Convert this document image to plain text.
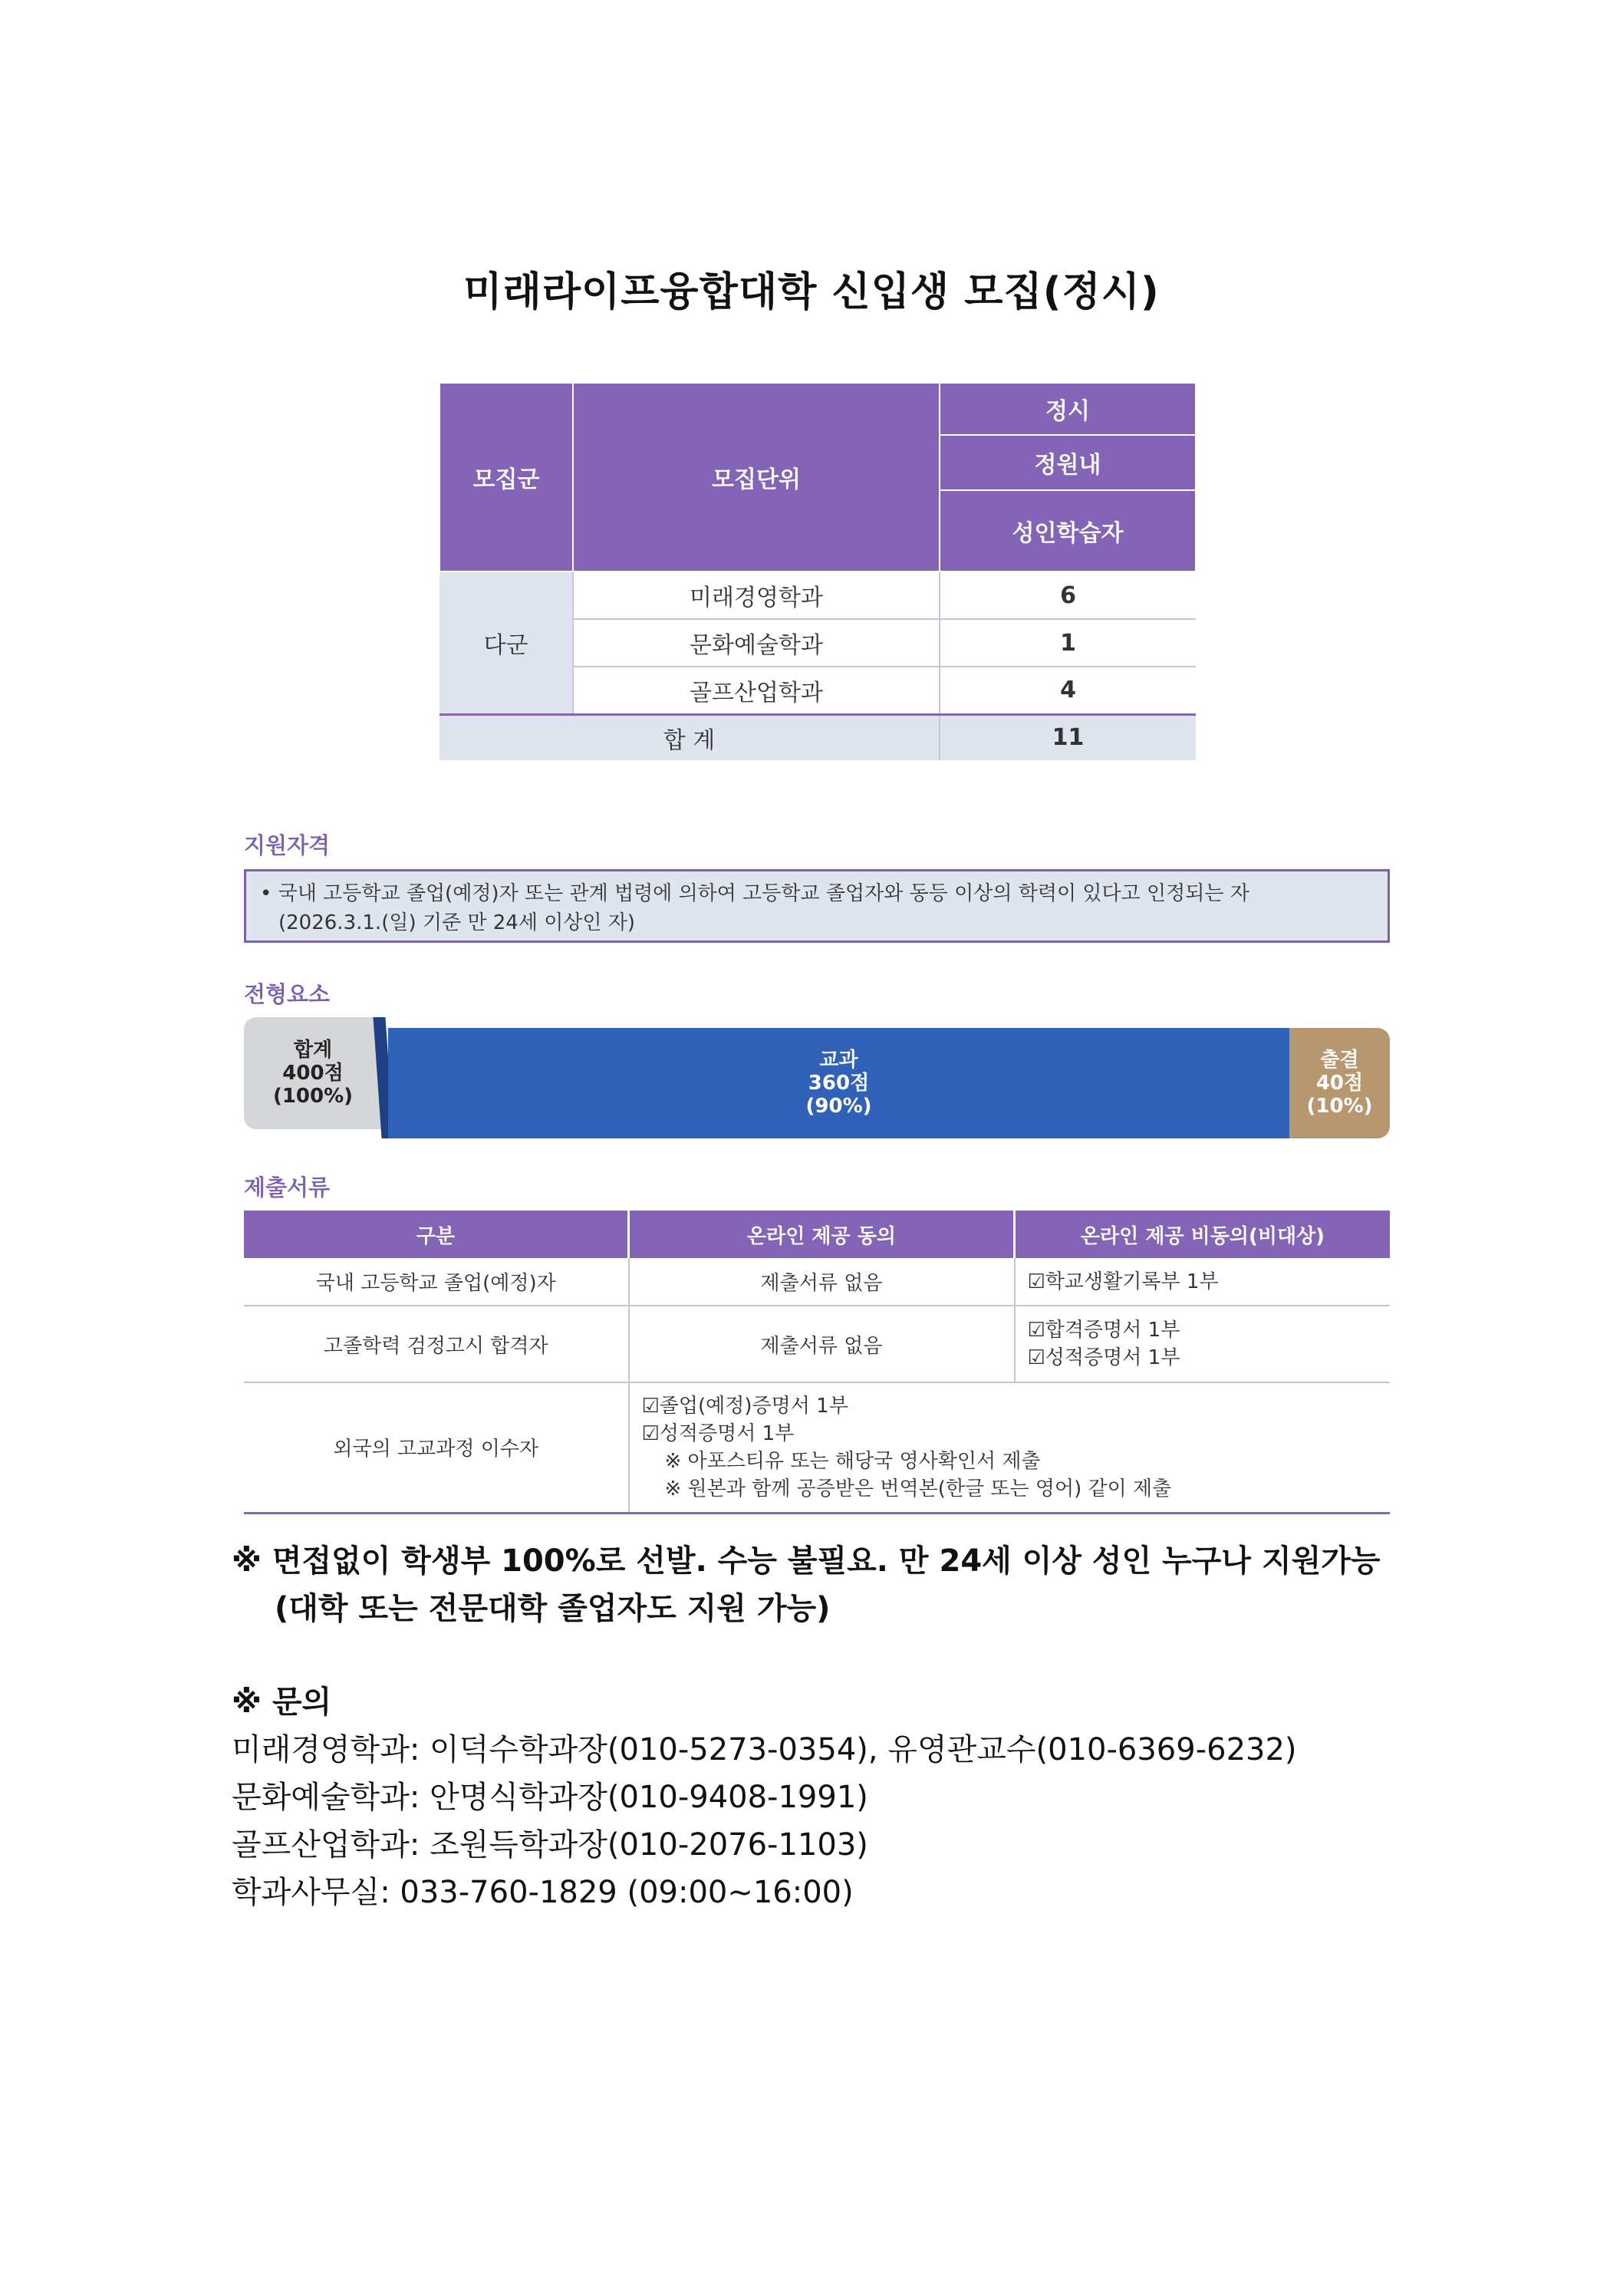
미래라이프융합대학 신입생 모집(정시)
모집군	모집단위	정시
		정원내
		성인학습자
다군	미래경영학과	6
	문화예술학과	1
	골프산업학과	4
합 계		11
지원자격
• 국내 고등학교 졸업(예정)자 또는 관계 법령에 의하여 고등학교 졸업자와 동등 이상의 학력이 있다고 인정되는 자
(2026.3.1.(일) 기준 만 24세 이상인 자)
전형요소
합계
400점
(100%)
교과
360점
(90%)
출결
40점
(10%)
제출서류
구분	온라인 제공 동의	온라인 제공 비동의(비대상)
국내 고등학교 졸업(예정)자	제출서류 없음	☑학교생활기록부 1부
고졸학력 검정고시 합격자	제출서류 없음	☑합격증명서 1부
☑성적증명서 1부

외국의 고교과정 이수자	☑졸업(예정)증명서 1부
☑성적증명서 1부
※ 아포스티유 또는 해당국 영사확인서 제출
※ 원본과 함께 공증받은 번역본(한글 또는 영어) 같이 제출	
※ 면접없이 학생부 100%로 선발. 수능 불필요. 만 24세 이상 성인 누구나 지원가능
(대학 또는 전문대학 졸업자도 지원 가능)
※ 문의
미래경영학과: 이덕수학과장(010-5273-0354), 유영관교수(010-6369-6232)
문화예술학과: 안명식학과장(010-9408-1991)
골프산업학과: 조원득학과장(010-2076-1103)
학과사무실: 033-760-1829 (09:00~16:00)
